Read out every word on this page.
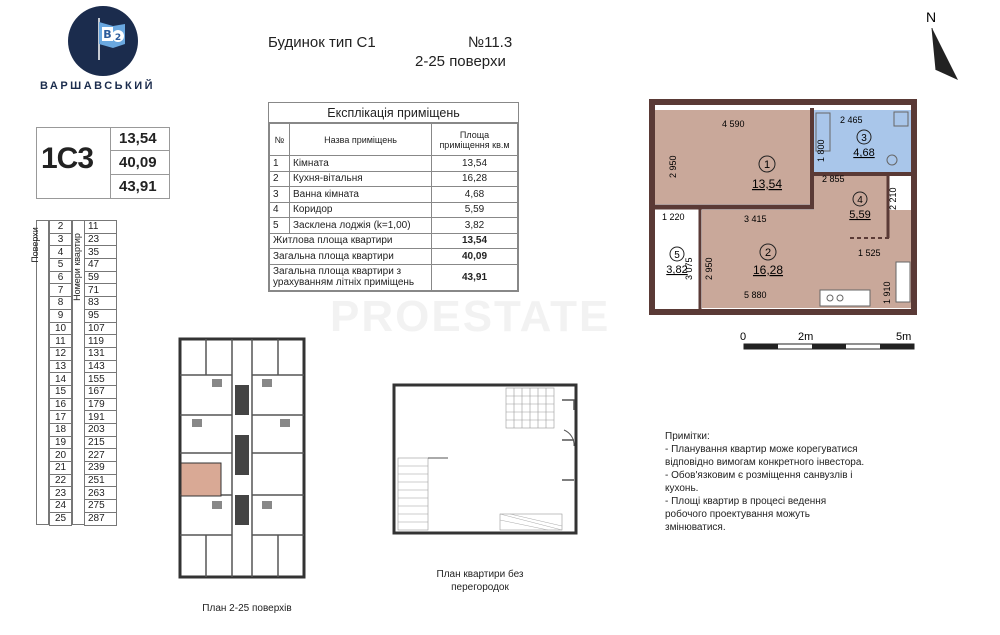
B 2
ВАРШАВСЬКИЙ
Будинок тип С1	№11.3
2-25 поверхи
1С3
13,54
40,09
43,91
Поверхи	Номери квартир
2		11
3		23
4		35
5		47
6		59
7		71
8		83
9		95
10		107
11		119
12		131
13		143
14		155
15		167
16		179
17		191
18		203
19		215
20		227
21		239
22		251
23		263
24		275
25		287
Експлікація приміщень
№	Назва приміщень	Площа приміщення кв.м
1	Кімната	13,54
2	Кухня-вітальня	16,28
3	Ванна кімната	4,68
4	Коридор	5,59
5	Засклена лоджія (k=1,00)	3,82
Житлова площа квартири		13,54
Загальна площа квартири		40,09
Загальна площа квартири з урахуванням літніх приміщень		43,91
PROESTATE
N
4 590	2 465
1 800
2 950
2 855
2 210
1 220	3 415
3 075 2 950
1 525
5 880	1 910
1
13,54
2
16,28
3
4,68
4
5,59
5
3,82
0	2m	5m
План 2-25 поверхів
План квартири без перегородок
Примітки:
- Планування квартир може корегуватися відповідно вимогам конкретного інвестора.
- Обов'язковим є розміщення санвузлів і кухонь.
- Площі квартир в процесі ведення робочого проектування можуть змінюватися.
